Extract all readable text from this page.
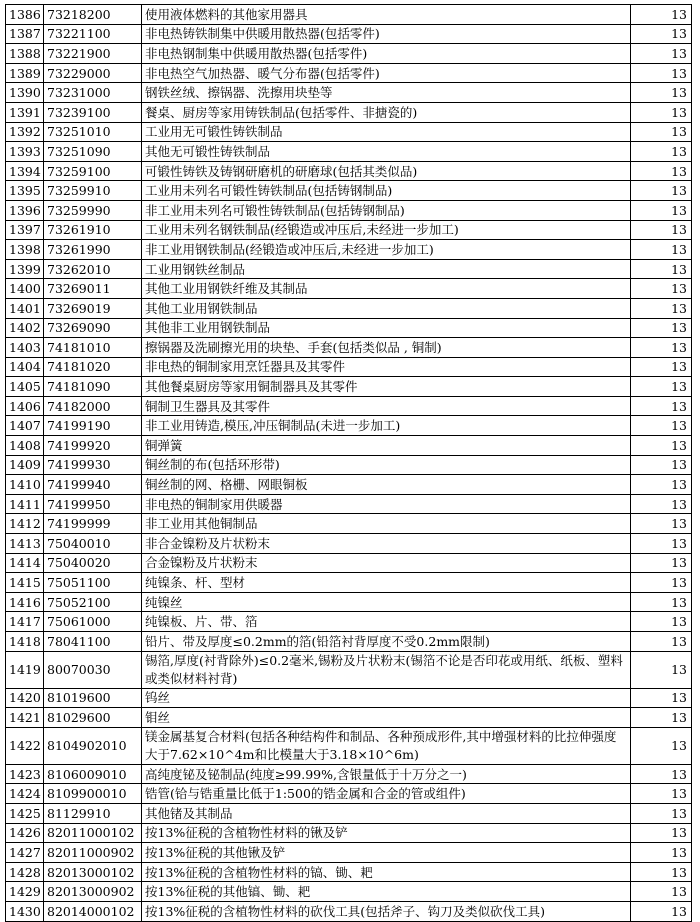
1386	73218200	使用液体燃料的其他家用器具	13
1387	73221100	非电热铸铁制集中供暖用散热器(包括零件)	13
1388	73221900	非电热钢制集中供暖用散热器(包括零件)	13
1389	73229000	非电热空气加热器、暖气分布器(包括零件)	13
1390	73231000	钢铁丝绒、擦锅器、洗擦用块垫等	13
1391	73239100	餐桌、厨房等家用铸铁制品(包括零件、非搪瓷的)	13
1392	73251010	工业用无可锻性铸铁制品	13
1393	73251090	其他无可锻性铸铁制品	13
1394	73259100	可锻性铸铁及铸钢研磨机的研磨球(包括其类似品)	13
1395	73259910	工业用未列名可锻性铸铁制品(包括铸钢制品)	13
1396	73259990	非工业用未列名可锻性铸铁制品(包括铸钢制品)	13
1397	73261910	工业用未列名钢铁制品(经锻造或冲压后,未经进一步加工)	13
1398	73261990	非工业用钢铁制品(经锻造或冲压后,未经进一步加工)	13
1399	73262010	工业用钢铁丝制品	13
1400	73269011	其他工业用钢铁纤维及其制品	13
1401	73269019	其他工业用钢铁制品	13
1402	73269090	其他非工业用钢铁制品	13
1403	74181010	擦锅器及洗刷擦光用的块垫、手套(包括类似品 , 铜制)	13
1404	74181020	非电热的铜制家用烹饪器具及其零件	13
1405	74181090	其他餐桌厨房等家用铜制器具及其零件	13
1406	74182000	铜制卫生器具及其零件	13
1407	74199190	非工业用铸造,模压,冲压铜制品(未进一步加工)	13
1408	74199920	铜弹簧	13
1409	74199930	铜丝制的布(包括环形带)	13
1410	74199940	铜丝制的网、格栅、网眼铜板	13
1411	74199950	非电热的铜制家用供暖器	13
1412	74199999	非工业用其他铜制品	13
1413	75040010	非合金镍粉及片状粉末	13
1414	75040020	合金镍粉及片状粉末	13
1415	75051100	纯镍条、杆、型材	13
1416	75052100	纯镍丝	13
1417	75061000	纯镍板、片、带、箔	13
1418	78041100	铅片、带及厚度≤0.2mm的箔(铅箔衬背厚度不受0.2mm限制)	13
1419	80070030	锡箔,厚度(衬背除外)≤0.2毫米,锡粉及片状粉末(锡箔不论是否印花或用纸、纸板、塑料或类似材料衬背)	13
1420	81019600	钨丝	13
1421	81029600	钼丝	13
1422	8104902010	镁金属基复合材料(包括各种结构件和制品、各种预成形件,其中增强材料的比拉伸强度大于7.62×10^4m和比模量大于3.18×10^6m)	13
1423	8106009010	高纯度铋及铋制品(纯度≥99.99%,含银量低于十万分之一)	13
1424	8109900010	锆管(铪与锆重量比低于1:500的锆金属和合金的管或组件)	13
1425	81129910	其他锗及其制品	13
1426	82011000102	按13%征税的含植物性材料的锹及铲	13
1427	82011000902	按13%征税的其他锹及铲	13
1428	82013000102	按13%征税的含植物性材料的镐、锄、耙	13
1429	82013000902	按13%征税的其他镐、锄、耙	13
1430	82014000102	按13%征税的含植物性材料的砍伐工具(包括斧子、钩刀及类似砍伐工具)	13
